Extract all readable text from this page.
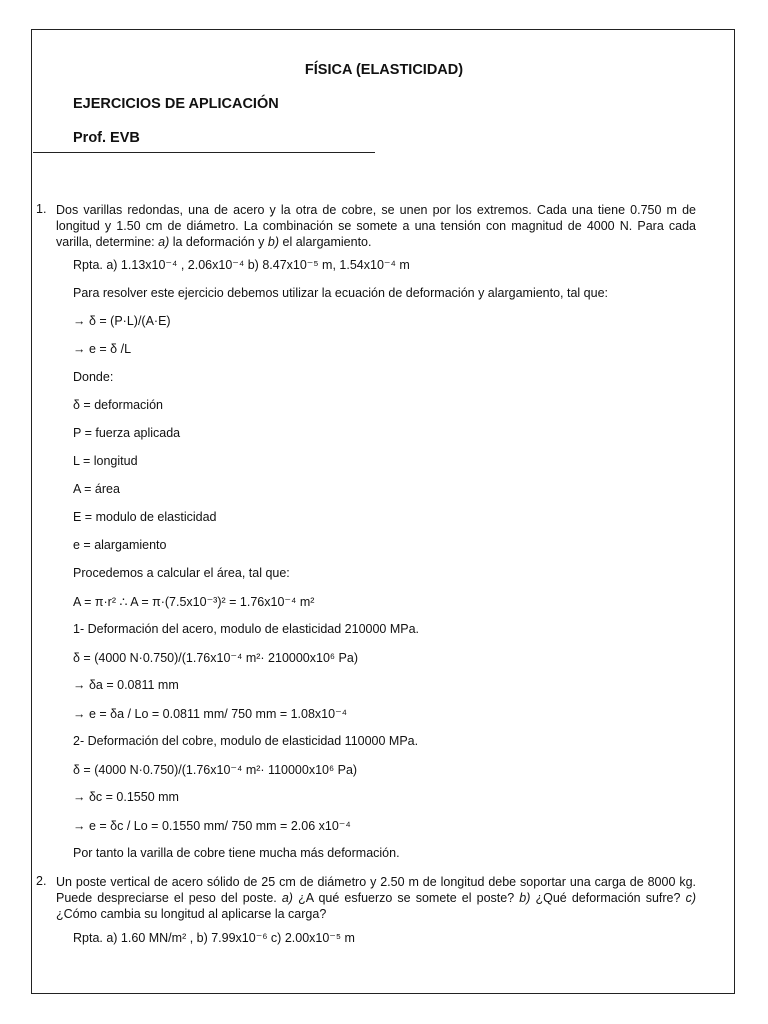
FÍSICA (ELASTICIDAD)
EJERCICIOS DE APLICACIÓN
Prof. EVB
1. Dos varillas redondas, una de acero y la otra de cobre, se unen por los extremos. Cada una tiene 0.750 m de longitud y 1.50 cm de diámetro. La combinación se somete a una tensión con magnitud de 4000 N. Para cada varilla, determine: a) la deformación y b) el alargamiento.
Rpta. a) 1.13x10⁻⁴ , 2.06x10⁻⁴ b) 8.47x10⁻⁵ m, 1.54x10⁻⁴ m
Para resolver este ejercicio debemos utilizar la ecuación de deformación y alargamiento, tal que:
→ δ = (P·L)/(A·E)
→ e = δ /L
Donde:
δ = deformación
P = fuerza aplicada
L = longitud
A = área
E = modulo de elasticidad
e = alargamiento
Procedemos a calcular el área, tal que:
A = π·r² ∴ A = π·(7.5x10⁻³)² = 1.76x10⁻⁴ m²
1- Deformación del acero, modulo de elasticidad 210000 MPa.
δ = (4000 N·0.750)/(1.76x10⁻⁴ m²· 210000x10⁶ Pa)
→ δa = 0.0811 mm
→ e = δa / Lo = 0.0811 mm/ 750 mm = 1.08x10⁻⁴
2- Deformación del cobre, modulo de elasticidad 110000 MPa.
δ = (4000 N·0.750)/(1.76x10⁻⁴ m²· 110000x10⁶ Pa)
→ δc = 0.1550 mm
→ e = δc / Lo = 0.1550 mm/ 750 mm = 2.06 x10⁻⁴
Por tanto la varilla de cobre tiene mucha más deformación.
2. Un poste vertical de acero sólido de 25 cm de diámetro y 2.50 m de longitud debe soportar una carga de 8000 kg. Puede despreciarse el peso del poste. a) ¿A qué esfuerzo se somete el poste? b) ¿Qué deformación sufre? c) ¿Cómo cambia su longitud al aplicarse la carga?
Rpta. a) 1.60 MN/m² , b) 7.99x10⁻⁶ c) 2.00x10⁻⁵ m
